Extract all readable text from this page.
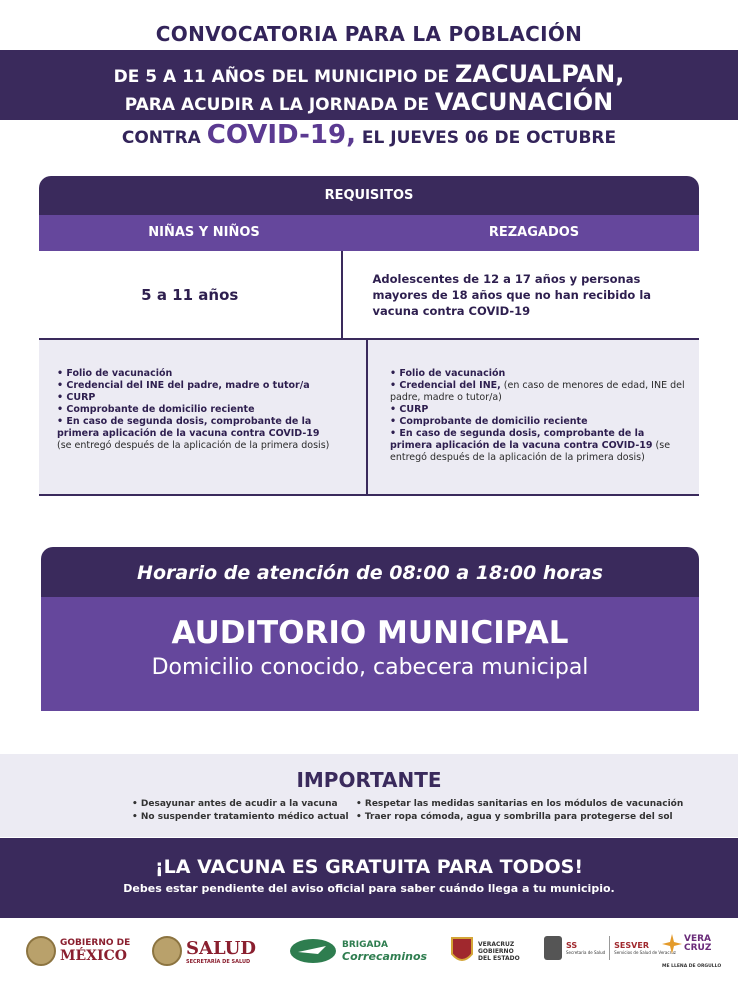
CONVOCATORIA PARA LA POBLACIÓN
DE 5 A 11 AÑOS DEL MUNICIPIO DE ZACUALPAN,
PARA ACUDIR A LA JORNADA DE VACUNACIÓN
CONTRA COVID-19, EL JUEVES 06 DE OCTUBRE
REQUISITOS
NIÑAS Y NIÑOS	REZAGADOS
5 a 11 años
Adolescentes de 12 a 17 años y personas mayores de 18 años que no han recibido la vacuna contra COVID-19
• Folio de vacunación
• Credencial del INE del padre, madre o tutor/a
• CURP
• Comprobante de domicilio reciente
• En caso de segunda dosis, comprobante de la primera aplicación de la vacuna contra COVID-19
(se entregó después de la aplicación de la primera dosis)
• Folio de vacunación
• Credencial del INE, (en caso de menores de edad, INE del padre, madre o tutor/a)
• CURP
• Comprobante de domicilio reciente
• En caso de segunda dosis, comprobante de la primera aplicación de la vacuna contra COVID-19 (se entregó después de la aplicación de la primera dosis)
Horario de atención de 08:00 a 18:00 horas
AUDITORIO MUNICIPAL
Domicilio conocido, cabecera municipal
IMPORTANTE
• Desayunar antes de acudir a la vacuna
• No suspender tratamiento médico actual
• Respetar las medidas sanitarias en los módulos de vacunación
• Traer ropa cómoda, agua y sombrilla para protegerse del sol
¡LA VACUNA ES GRATUITA PARA TODOS!
Debes estar pendiente del aviso oficial para saber cuándo llega a tu municipio.
GOBIERNO DE
MÉXICO	SALUD
SECRETARÍA DE SALUD
BRIGADA
Correcaminos
VERACRUZ
GOBIERNO
DEL ESTADO
SS
Secretaría de Salud
SESVER
Servicios de Salud de Veracruz
VERA
CRUZ
ME LLENA DE ORGULLO
